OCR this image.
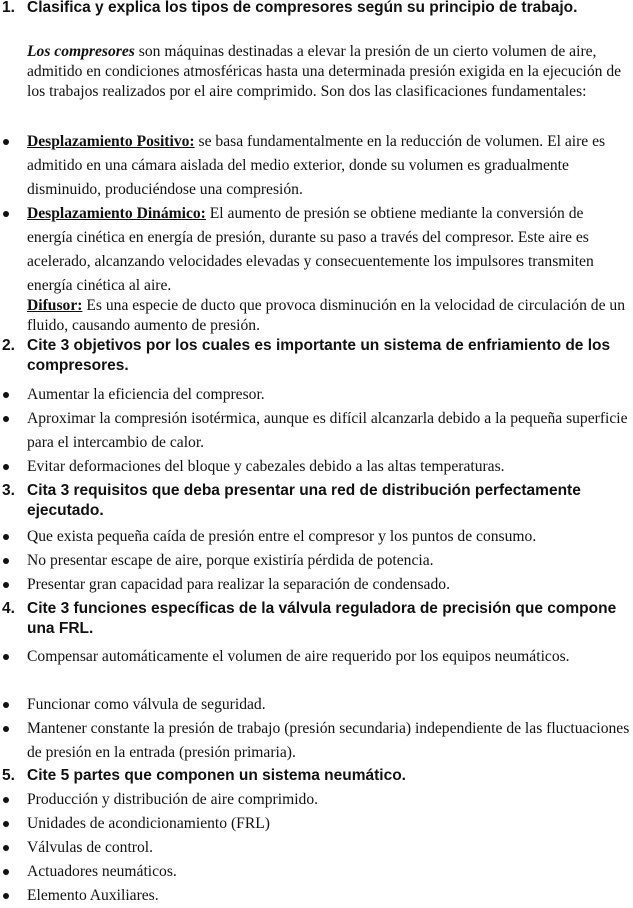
1. Clasifica y explica los tipos de compresores según su principio de trabajo.

Los compresores son máquinas destinadas a elevar la presión de un cierto volumen de aire, admitido en condiciones atmosféricas hasta una determinada presión exigida en la ejecución de los trabajos realizados por el aire comprimido. Son dos las clasificaciones fundamentales:

Desplazamiento Positivo: se basa fundamentalmente en la reducción de volumen. El aire es admitido en una cámara aislada del medio exterior, donde su volumen es gradualmente disminuido, produciéndose una compresión.

Desplazamiento Dinámico: El aumento de presión se obtiene mediante la conversión de energía cinética en energía de presión, durante su paso a través del compresor. Este aire es acelerado, alcanzando velocidades elevadas y consecuentemente los impulsores transmiten energía cinética al aire.

Difusor: Es una especie de ducto que provoca disminución en la velocidad de circulación de un fluido, causando aumento de presión.

2. Cite 3 objetivos por los cuales es importante un sistema de enfriamiento de los compresores.

Aumentar la eficiencia del compresor.

Aproximar la compresión isotérmica, aunque es difícil alcanzarla debido a la pequeña superficie para el intercambio de calor.

Evitar deformaciones del bloque y cabezales debido a las altas temperaturas.

3. Cita 3 requisitos que deba presentar una red de distribución perfectamente ejecutado.

Que exista pequeña caída de presión entre el compresor y los puntos de consumo.

No presentar escape de aire, porque existiría pérdida de potencia.

Presentar gran capacidad para realizar la separación de condensado.

4. Cite 3 funciones específicas de la válvula reguladora de precisión que compone una FRL.

Compensar automáticamente el volumen de aire requerido por los equipos neumáticos.

Funcionar como válvula de seguridad.

Mantener constante la presión de trabajo (presión secundaria) independiente de las fluctuaciones de presión en la entrada (presión primaria).

5. Cite 5 partes que componen un sistema neumático.

Producción y distribución de aire comprimido.

Unidades de acondicionamiento (FRL)

Válvulas de control.

Actuadores neumáticos.

Elemento Auxiliares.
